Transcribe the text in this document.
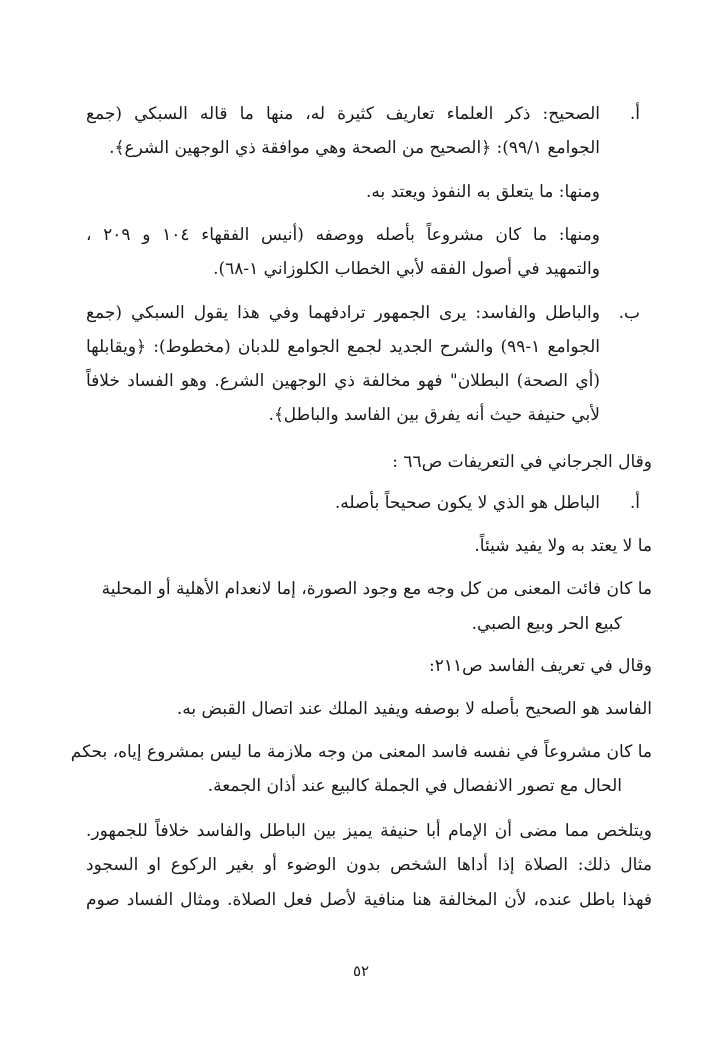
أ.
الصحيح: ذكر العلماء تعاريف كثيرة له، منها ما قاله السبكي (جمع
الجوامع ٩٩/١): ﴿الصحيح من الصحة وهي موافقة ذي الوجهين الشرع﴾.
ومنها: ما يتعلق به النفوذ ويعتد به.
ومنها: ما كان مشروعاً بأصله ووصفه (أنيس الفقهاء ١٠٤ و ٢٠٩ ،
والتمهيد في أصول الفقه لأبي الخطاب الكلوزاني ١-٦٨).
ب.
والباطل والفاسد: يرى الجمهور ترادفهما وفي هذا يقول السبكي (جمع
الجوامع ١-٩٩) والشرح الجديد لجمع الجوامع للدبان (مخطوط): ﴿ويقابلها
(أي الصحة) البطلان" فهو مخالفة ذي الوجهين الشرع. وهو الفساد خلافاً
لأبي حنيفة حيث أنه يفرق بين الفاسد والباطل﴾.
وقال الجرجاني في التعريفات ص٦٦ :
أ.
الباطل هو الذي لا يكون صحيحاً بأصله.
ما لا يعتد به ولا يفيد شيئاً.
ما كان فائت المعنى من كل وجه مع وجود الصورة، إما لانعدام الأهلية أو المحلية
كبيع الحر وبيع الصبي.
وقال في تعريف الفاسد ص٢١١:
الفاسد هو الصحيح بأصله لا بوصفه ويفيد الملك عند اتصال القبض به.
ما كان مشروعاً في نفسه فاسد المعنى من وجه ملازمة ما ليس بمشروع إياه، بحكم
الحال مع تصور الانفصال في الجملة كالبيع عند أذان الجمعة.
ويتلخص مما مضى أن الإمام أبا حنيفة يميز بين الباطل والفاسد خلافاً للجمهور.
مثال ذلك: الصلاة إذا أداها الشخص بدون الوضوء أو بغير الركوع او السجود
فهذا باطل عنده، لأن المخالفة هنا منافية لأصل فعل الصلاة. ومثال الفساد صوم
٥٢
